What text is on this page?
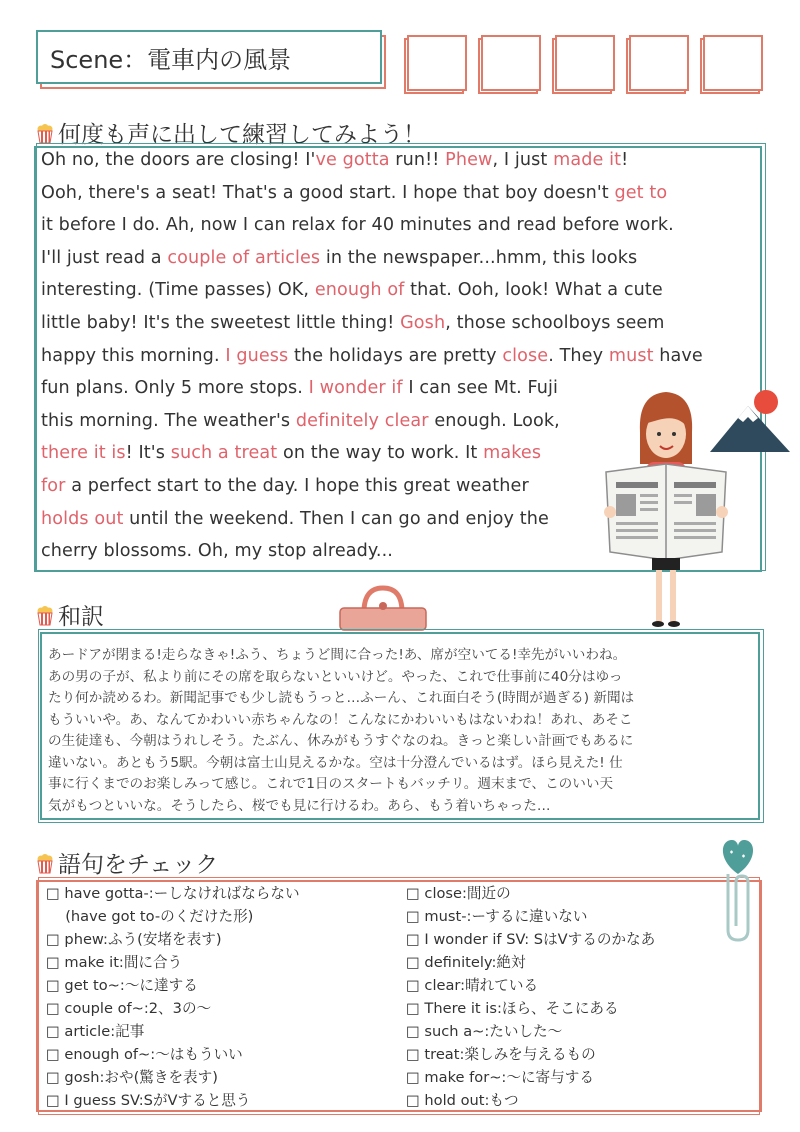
Scene：電車内の風景
何度も声に出して練習してみよう！
Oh no, the doors are closing! I've gotta run!! Phew, I just made it!
Ooh, there's a seat! That's a good start. I hope that boy doesn't get to
it before I do. Ah, now I can relax for 40 minutes and read before work.
I'll just read a couple of articles in the newspaper...hmm, this looks
interesting. (Time passes) OK, enough of that. Ooh, look! What a cute
little baby! It's the sweetest little thing! Gosh, those schoolboys seem
happy this morning. I guess the holidays are pretty close. They must have
fun plans. Only 5 more stops. I wonder if I can see Mt. Fuji
this morning. The weather's definitely clear enough. Look,
there it is! It's such a treat on the way to work. It makes
for a perfect start to the day. I hope this great weather
holds out until the weekend. Then I can go and enjoy the
cherry blossoms. Oh, my stop already...
和訳
あードアが閉まる!走らなきゃ!ふう、ちょうど間に合った!あ、席が空いてる!幸先がいいわね。
あの男の子が、私より前にその席を取らないといいけど。やった、これで仕事前に40分はゆっ
たり何か読めるわ。新聞記事でも少し読もうっと…ふーん、これ面白そう(時間が過ぎる) 新聞は
もういいや。あ、なんてかわいい赤ちゃんなの！こんなにかわいいもはないわね！あれ、あそこ
の生徒達も、今朝はうれしそう。たぶん、休みがもうすぐなのね。きっと楽しい計画でもあるに
違いない。あともう5駅。今朝は富士山見えるかな。空は十分澄んでいるはず。ほら見えた! 仕
事に行くまでのお楽しみって感じ。これで1日のスタートもバッチリ。週末まで、このいい天
気がもつといいな。そうしたら、桜でも見に行けるわ。あら、もう着いちゃった…
語句をチェック
□ have gotta-:ーしなければならない
　 (have got to-のくだけた形)
□ phew:ふう(安堵を表す)
□ make it:間に合う
□ get to~:～に達する
□ couple of~:2、3の～
□ article:記事
□ enough of~:～はもういい
□ gosh:おや(驚きを表す)
□ I guess SV:SがVすると思う
□ close:間近の
□ must-:ーするに違いない
□ I wonder if SV: SはVするのかなあ
□ definitely:絶対
□ clear:晴れている
□ There it is:ほら、そこにある
□ such a~:たいした～
□ treat:楽しみを与えるもの
□ make for~:～に寄与する
□ hold out:もつ
